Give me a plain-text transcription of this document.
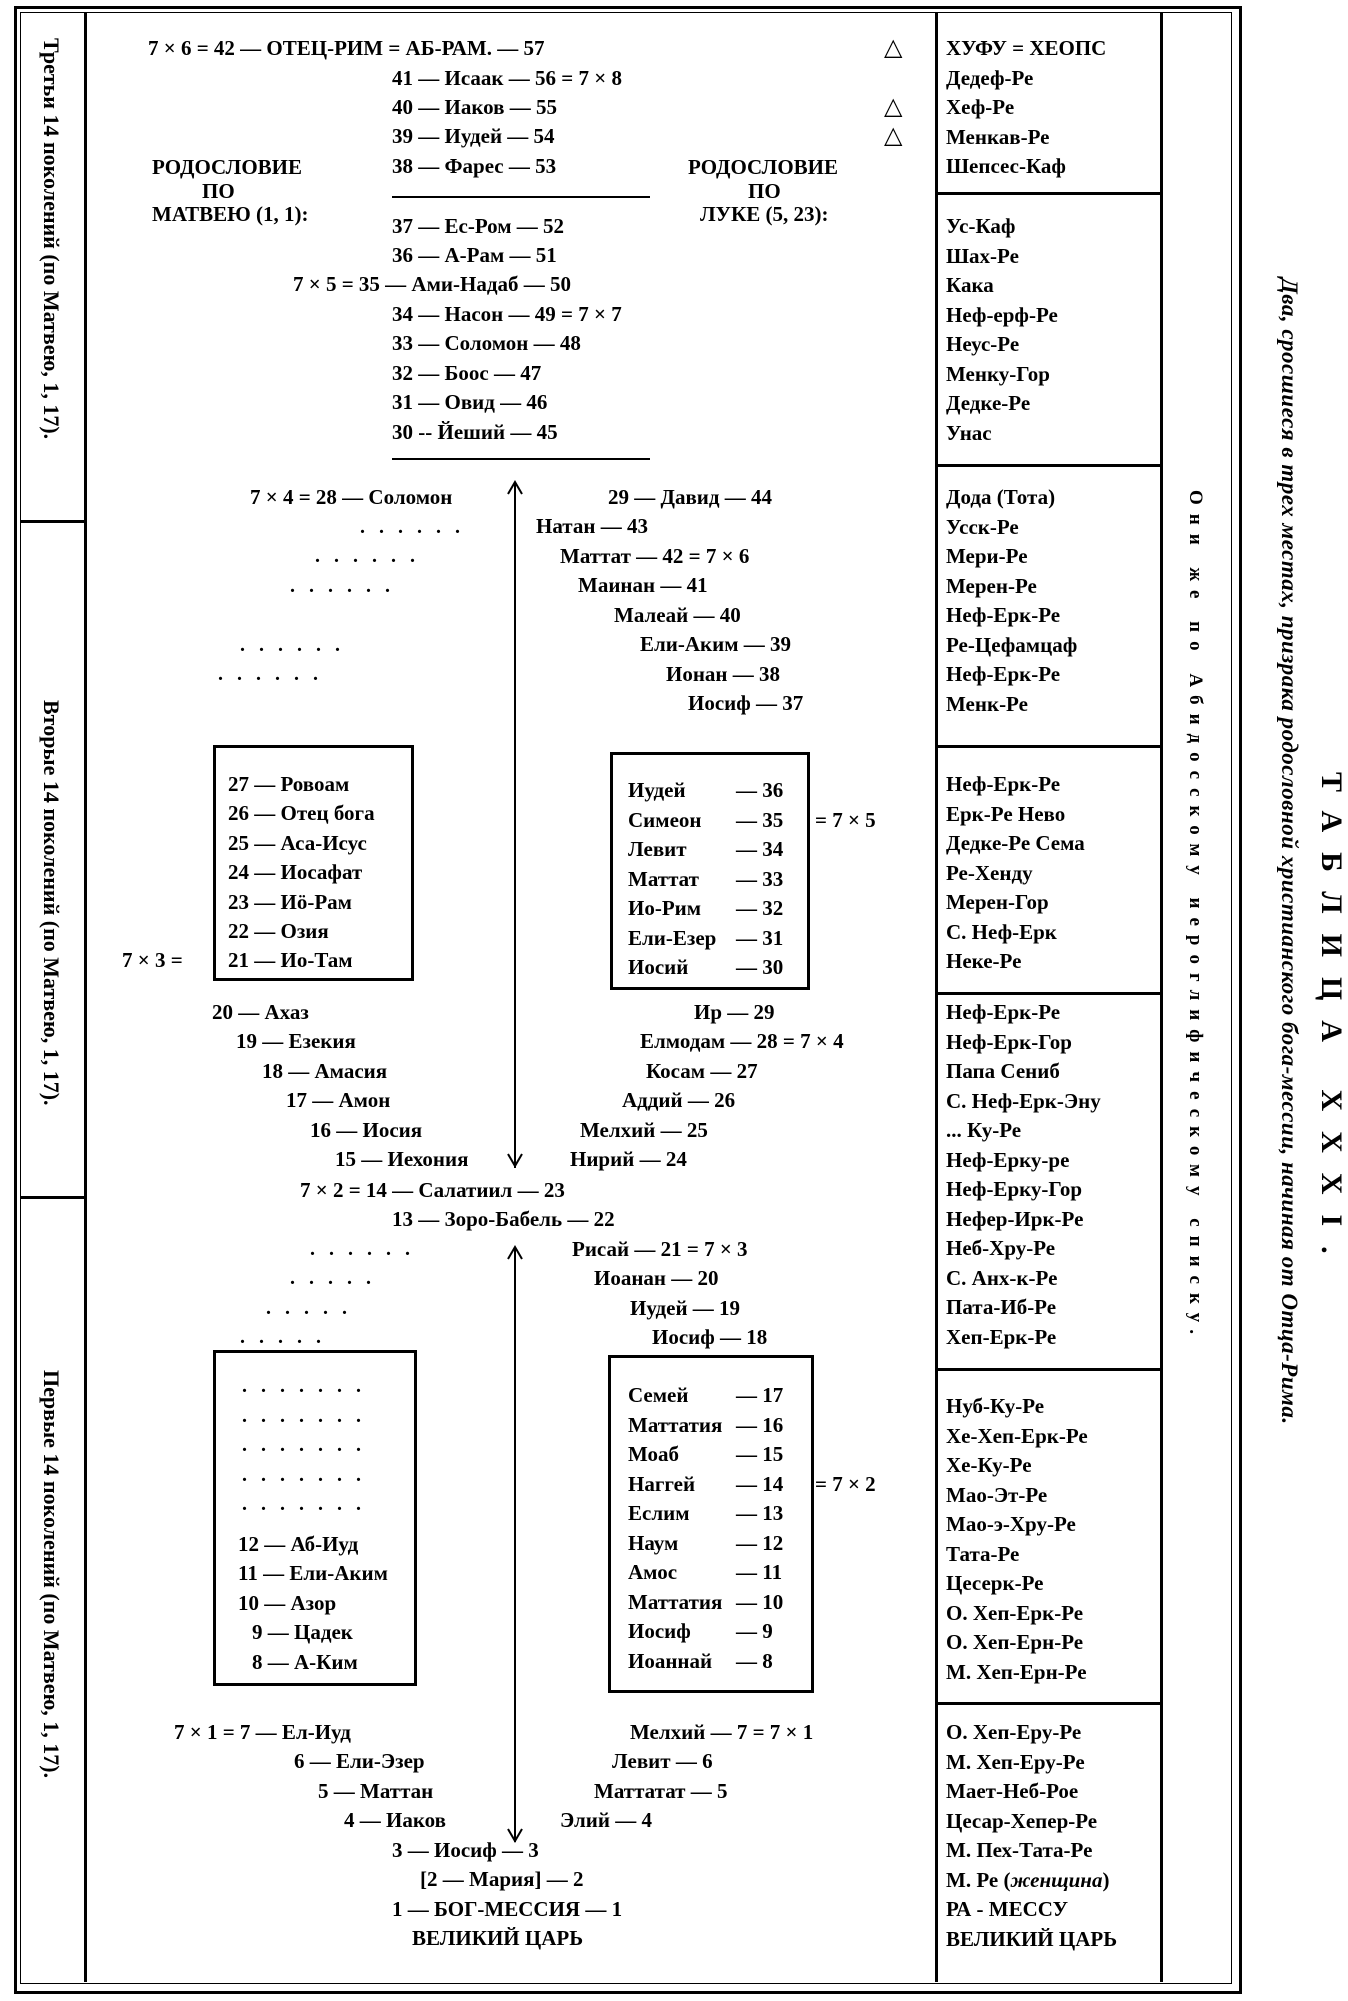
Третьи 14 поколений (по Матвею, 1, 17).
Вторые 14 поколений (по Матвею, 1, 17).
Первые 14 поколений (по Матвею, 1, 17).
7 × 6 = 42 — ОТЕЦ-РИМ = АБ-РАМ. — 57
41 — Исаак — 56 = 7 × 8
40 — Иаков — 55
39 — Иудей — 54
38 — Фарес — 53
37 — Ес-Ром — 52
36 — А-Рам — 51
7 × 5 = 35 — Ами-Надаб — 50
34 — Насон — 49 = 7 × 7
33 — Соломон — 48
32 — Боос — 47
31 — Овид — 46
30 -- Йеший — 45
△
△
△
РОДОСЛОВИЕ
ПО
МАТВЕЮ (1, 1):
РОДОСЛОВИЕ
ПО
ЛУКЕ (5, 23):
7 × 4 = 28 — Соломон	29 — Давид — 44
Натан — 43
Маттат — 42 = 7 × 6
Маинан — 41
Малеай — 40
Ели-Аким — 39
Ионан — 38
Иосиф — 37
......
......
......
......
......
27 — Ровоам
26 — Отец бога
25 — Аса-Исус
24 — Иосафат
23 — Иӧ-Рам
22 — Озия
21 — Ио-Там
7 × 3 =
Иудей — 36
Симеон — 35
Левит — 34
Маттат — 33
Ио-Рим — 32
Ели-Езер — 31
Иосий — 30
= 7 × 5
20 — Ахаз
19 — Езекия
18 — Амасия
17 — Амон
16 — Иосия
15 — Иехония
Ир — 29
Елмодам — 28 = 7 × 4
Косам — 27
Аддий — 26
Мелхий — 25
Нирий — 24
7 × 2 = 14 — Салатиил — 23
13 — Зоро-Бабель — 22
Рисай — 21 = 7 × 3
Иоанан — 20
Иудей — 19
Иосиф — 18
......
.....
.....
.....
.......
.......
.......
.......
.......
12 — Аб-Иуд
11 — Ели-Аким
10 — Азор
9 — Цадек
8 — А-Ким
Семей — 17
Маттатия — 16
Моаб	— 15
Наггей — 14
Еслим — 13
Наум	— 12
Амос	— 11
Маттатия — 10
Иосиф — 9
Иоаннай — 8
= 7 × 2
7 × 1 = 7 — Ел-Иуд
6 — Ели-Эзер
5 — Маттан
4 — Иаков
Мелхий — 7 = 7 × 1
Левит — 6
Маттатат — 5
Элий — 4
3 — Иосиф — 3
[2 — Мария] — 2
1 — БОГ-МЕССИЯ — 1
ВЕЛИКИЙ ЦАРЬ
ХУФУ = ХЕОПС
Дедеф-Ре
Хеф-Ре
Менкав-Ре
Шепсес-Каф
Ус-Каф
Шах-Ре
Кака
Неф-ерф-Ре
Неус-Ре
Менку-Гор
Дедке-Ре
Унас
Дода (Тота)
Усск-Ре
Мери-Ре
Мерен-Ре
Неф-Ерк-Ре
Ре-Цефамцаф
Неф-Ерк-Ре
Менк-Ре
Неф-Ерк-Ре
Ерк-Ре Нево
Дедке-Ре Сема
Ре-Хенду
Мерен-Гор
С. Неф-Ерк
Неке-Ре
Неф-Ерк-Ре
Неф-Ерк-Гор
Папа Сениб
С. Неф-Ерк-Эну
... Ку-Ре
Неф-Ерку-ре
Неф-Ерку-Гор
Нефер-Ирк-Ре
Неб-Хру-Ре
С. Анх-к-Ре
Пата-Иб-Ре
Хеп-Ерк-Ре
Нуб-Ку-Ре
Хе-Хеп-Ерк-Ре
Хе-Ку-Ре
Мао-Эт-Ре
Мао-э-Хру-Ре
Тата-Ре
Цесерк-Ре
О. Хеп-Ерк-Ре
О. Хеп-Ерн-Ре
М. Хеп-Ерн-Ре
О. Хеп-Еру-Ре
М. Хеп-Еру-Ре
Мает-Неб-Рое
Цесар-Хепер-Ре
М. Пех-Тата-Ре
М. Ре (женщина)
РА - МЕССУ
ВЕЛИКИЙ ЦАРЬ
Они же по Абидосскому иероглифическому списку.	ТАБЛИЦА XXXI.
Два, сросшиеся в трех местах, призрака родословной христианского бога-мессии, начиная от Отца-Рима.
